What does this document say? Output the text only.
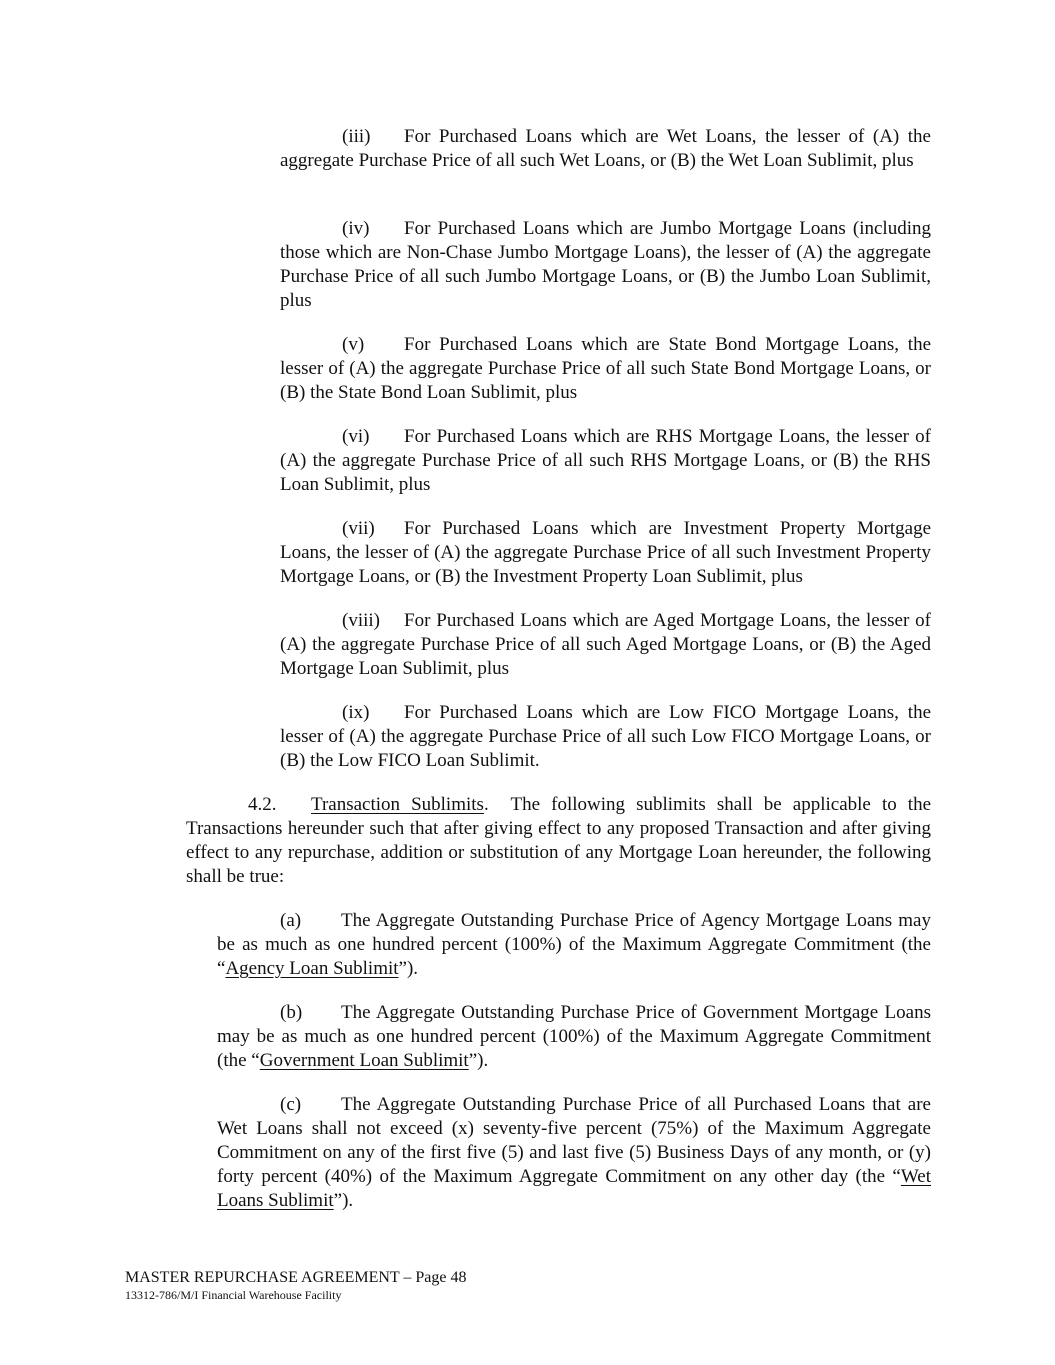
(iii) For Purchased Loans which are Wet Loans, the lesser of (A) the aggregate Purchase Price of all such Wet Loans, or (B) the Wet Loan Sublimit, plus

(iv) For Purchased Loans which are Jumbo Mortgage Loans (including those which are Non-Chase Jumbo Mortgage Loans), the lesser of (A) the aggregate Purchase Price of all such Jumbo Mortgage Loans, or (B) the Jumbo Loan Sublimit, plus

(v) For Purchased Loans which are State Bond Mortgage Loans, the lesser of (A) the aggregate Purchase Price of all such State Bond Mortgage Loans, or (B) the State Bond Loan Sublimit, plus

(vi) For Purchased Loans which are RHS Mortgage Loans, the lesser of (A) the aggregate Purchase Price of all such RHS Mortgage Loans, or (B) the RHS Loan Sublimit, plus

(vii) For Purchased Loans which are Investment Property Mortgage Loans, the lesser of (A) the aggregate Purchase Price of all such Investment Property Mortgage Loans, or (B) the Investment Property Loan Sublimit, plus

(viii) For Purchased Loans which are Aged Mortgage Loans, the lesser of (A) the aggregate Purchase Price of all such Aged Mortgage Loans, or (B) the Aged Mortgage Loan Sublimit, plus

(ix) For Purchased Loans which are Low FICO Mortgage Loans, the lesser of (A) the aggregate Purchase Price of all such Low FICO Mortgage Loans, or (B) the Low FICO Loan Sublimit.

4.2. Transaction Sublimits. The following sublimits shall be applicable to the Transactions hereunder such that after giving effect to any proposed Transaction and after giving effect to any repurchase, addition or substitution of any Mortgage Loan hereunder, the following shall be true:

(a) The Aggregate Outstanding Purchase Price of Agency Mortgage Loans may be as much as one hundred percent (100%) of the Maximum Aggregate Commitment (the “Agency Loan Sublimit”).

(b) The Aggregate Outstanding Purchase Price of Government Mortgage Loans may be as much as one hundred percent (100%) of the Maximum Aggregate Commitment (the “Government Loan Sublimit”).

(c) The Aggregate Outstanding Purchase Price of all Purchased Loans that are Wet Loans shall not exceed (x) seventy-five percent (75%) of the Maximum Aggregate Commitment on any of the first five (5) and last five (5) Business Days of any month, or (y) forty percent (40%) of the Maximum Aggregate Commitment on any other day (the “Wet Loans Sublimit”).

MASTER REPURCHASE AGREEMENT – Page 48

13312-786/M/I Financial Warehouse Facility
